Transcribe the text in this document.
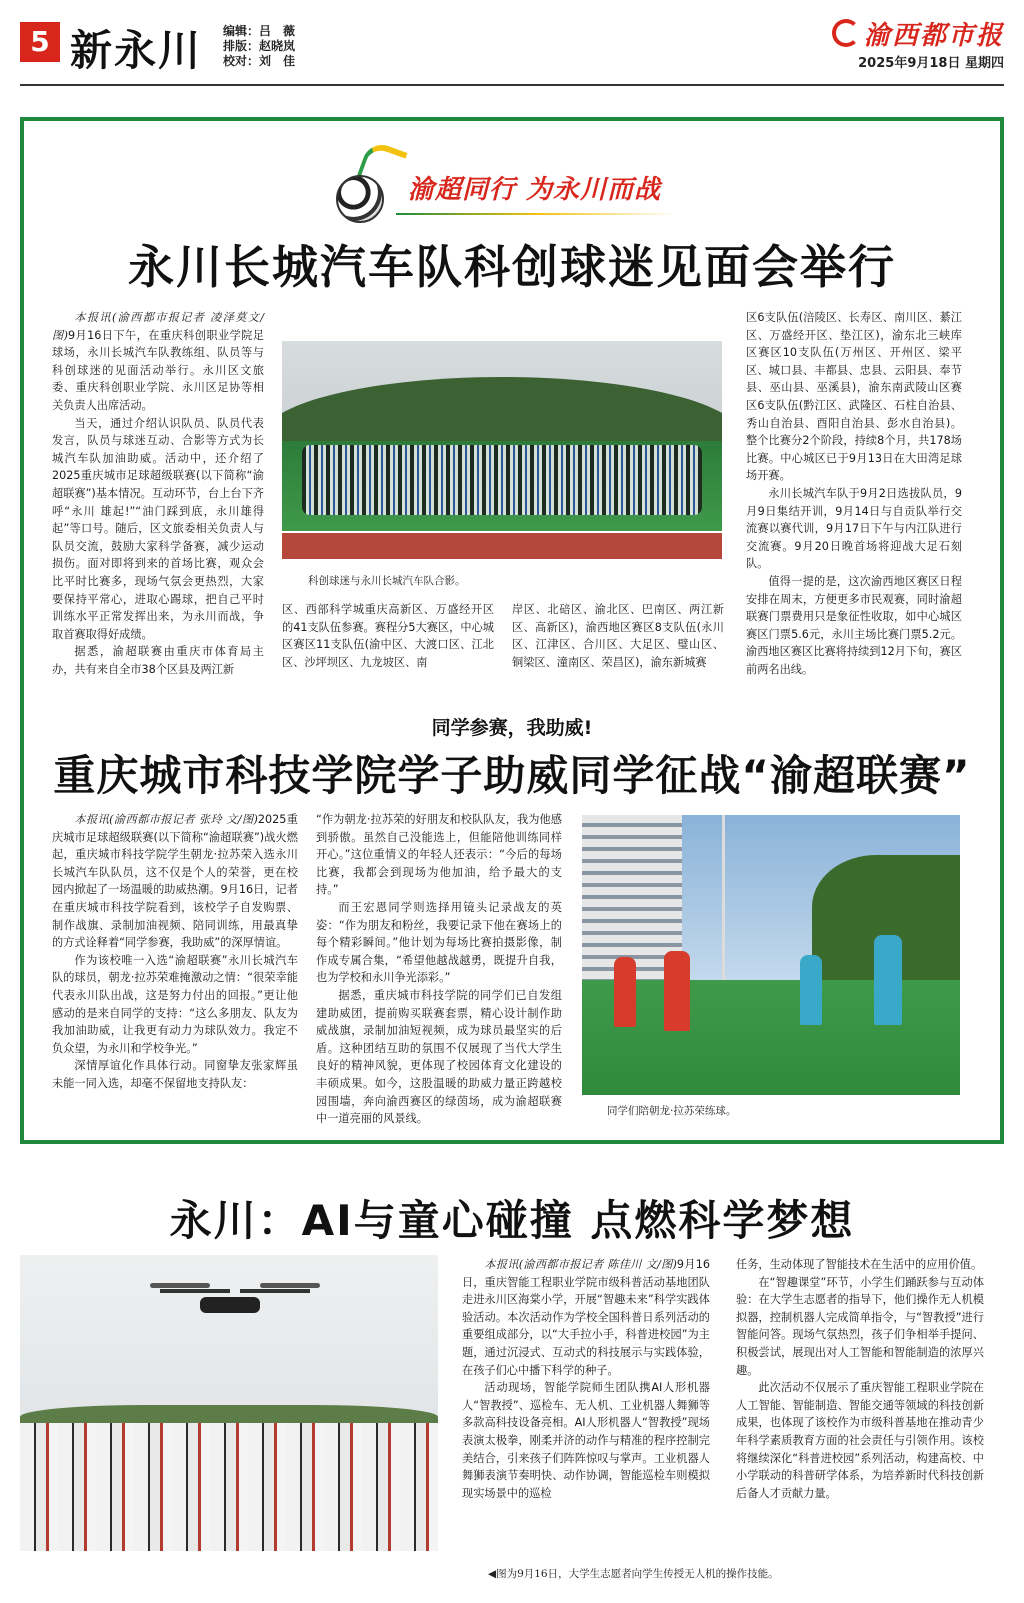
5 新永川 编辑：吕　薇
排版：赵晓岚
校对：刘　佳
渝西都市报
2025年9月18日 星期四
渝超同行 为永川而战
永川长城汽车队科创球迷见面会举行

本报讯(渝西都市报记者 凌泽莫文/图)9月16日下午，在重庆科创职业学院足球场，永川长城汽车队教练组、队员等与科创球迷的见面活动举行。永川区文旅委、重庆科创职业学院、永川区足协等相关负责人出席活动。

当天，通过介绍认识队员、队员代表发言，队员与球迷互动、合影等方式为长城汽车队加油助威。活动中，还介绍了2025重庆城市足球超级联赛(以下简称“渝超联赛”)基本情况。互动环节，台上台下齐呼“永川 雄起!”“油门踩到底，永川雄得起”等口号。随后，区文旅委相关负责人与队员交流，鼓励大家科学备赛，减少运动损伤。面对即将到来的首场比赛，观众会比平时比赛多，现场气氛会更热烈，大家要保持平常心，进取心踢球，把自己平时训练水平正常发挥出来，为永川而战，争取首赛取得好成绩。

据悉，渝超联赛由重庆市体育局主办，共有来自全市38个区县及两江新

科创球迷与永川长城汽车队合影。

区、西部科学城重庆高新区、万盛经开区的41支队伍参赛。赛程分5大赛区，中心城区赛区11支队伍(渝中区、大渡口区、江北区、沙坪坝区、九龙坡区、南

岸区、北碚区、渝北区、巴南区、两江新区、高新区)，渝西地区赛区8支队伍(永川区、江津区、合川区、大足区、璧山区、铜梁区、潼南区、荣昌区)，渝东新城赛

区6支队伍(涪陵区、长寿区、南川区、綦江区、万盛经开区、垫江区)，渝东北三峡库区赛区10支队伍(万州区、开州区、梁平区、城口县、丰都县、忠县、云阳县、奉节县、巫山县、巫溪县)，渝东南武陵山区赛区6支队伍(黔江区、武隆区、石柱自治县、秀山自治县、酉阳自治县、彭水自治县)。整个比赛分2个阶段，持续8个月，共178场比赛。中心城区已于9月13日在大田湾足球场开赛。

永川长城汽车队于9月2日选拔队员，9月9日集结开训，9月14日与自贡队举行交流赛以赛代训，9月17日下午与内江队进行交流赛。9月20日晚首场将迎战大足石刻队。

值得一提的是，这次渝西地区赛区日程安排在周末，方便更多市民观赛，同时渝超联赛门票费用只是象征性收取，如中心城区赛区门票5.6元，永川主场比赛门票5.2元。渝西地区赛区比赛将持续到12月下旬，赛区前两名出线。

同学参赛，我助威!
重庆城市科技学院学子助威同学征战“渝超联赛”

本报讯(渝西都市报记者 张玲 文/图)2025重庆城市足球超级联赛(以下简称“渝超联赛”)战火燃起，重庆城市科技学院学生朝龙·拉苏荣入选永川长城汽车队队员，这不仅是个人的荣誉，更在校园内掀起了一场温暖的助威热潮。9月16日，记者在重庆城市科技学院看到，该校学子自发购票、制作战旗、录制加油视频、陪同训练，用最真挚的方式诠释着“同学参赛，我助威”的深厚情谊。

作为该校唯一入选“渝超联赛”永川长城汽车队的球员，朝龙·拉苏荣难掩激动之情：“很荣幸能代表永川队出战，这是努力付出的回报。”更让他感动的是来自同学的支持：“这么多朋友、队友为我加油助威，让我更有动力为球队效力。我定不负众望，为永川和学校争光。”

深情厚谊化作具体行动。同窗挚友张家辉虽未能一同入选，却毫不保留地支持队友：

“作为朝龙·拉苏荣的好朋友和校队队友，我为他感到骄傲。虽然自己没能选上，但能陪他训练同样开心。”这位重情义的年轻人还表示：“今后的每场比赛，我都会到现场为他加油，给予最大的支持。”

而王宏恩同学则选择用镜头记录战友的英姿：“作为朋友和粉丝，我要记录下他在赛场上的每个精彩瞬间。”他计划为每场比赛拍摄影像，制作成专属合集，“希望他越战越勇，既提升自我，也为学校和永川争光添彩。”

据悉，重庆城市科技学院的同学们已自发组建助威团，提前购买联赛套票，精心设计制作助威战旗，录制加油短视频，成为球员最坚实的后盾。这种团结互助的氛围不仅展现了当代大学生良好的精神风貌，更体现了校园体育文化建设的丰硕成果。如今，这股温暖的助威力量正跨越校园围墙，奔向渝西赛区的绿茵场，成为渝超联赛中一道亮丽的风景线。

同学们陪朝龙·拉苏荣练球。
永川：AI与童心碰撞 点燃科学梦想

本报讯(渝西都市报记者 陈佳川 文/图)9月16日，重庆智能工程职业学院市级科普活动基地团队走进永川区海棠小学，开展“智趣未来”科学实践体验活动。本次活动作为学校全国科普日系列活动的重要组成部分，以“大手拉小手，科普进校园”为主题，通过沉浸式、互动式的科技展示与实践体验，在孩子们心中播下科学的种子。

活动现场，智能学院师生团队携AI人形机器人“智教授”、巡检车、无人机、工业机器人舞狮等多款高科技设备亮相。AI人形机器人“智教授”现场表演太极拳，刚柔并济的动作与精准的程序控制完美结合，引来孩子们阵阵惊叹与掌声。工业机器人舞狮表演节奏明快、动作协调，智能巡检车则模拟现实场景中的巡检

任务，生动体现了智能技术在生活中的应用价值。

在“智趣课堂”环节，小学生们踊跃参与互动体验：在大学生志愿者的指导下，他们操作无人机模拟器，控制机器人完成简单指令，与“智教授”进行智能问答。现场气氛热烈，孩子们争相举手提问、积极尝试，展现出对人工智能和智能制造的浓厚兴趣。

此次活动不仅展示了重庆智能工程职业学院在人工智能、智能制造、智能交通等领域的科技创新成果，也体现了该校作为市级科普基地在推动青少年科学素质教育方面的社会责任与引领作用。该校将继续深化“科普进校园”系列活动，构建高校、中小学联动的科普研学体系，为培养新时代科技创新后备人才贡献力量。

◀图为9月16日，大学生志愿者向学生传授无人机的操作技能。
